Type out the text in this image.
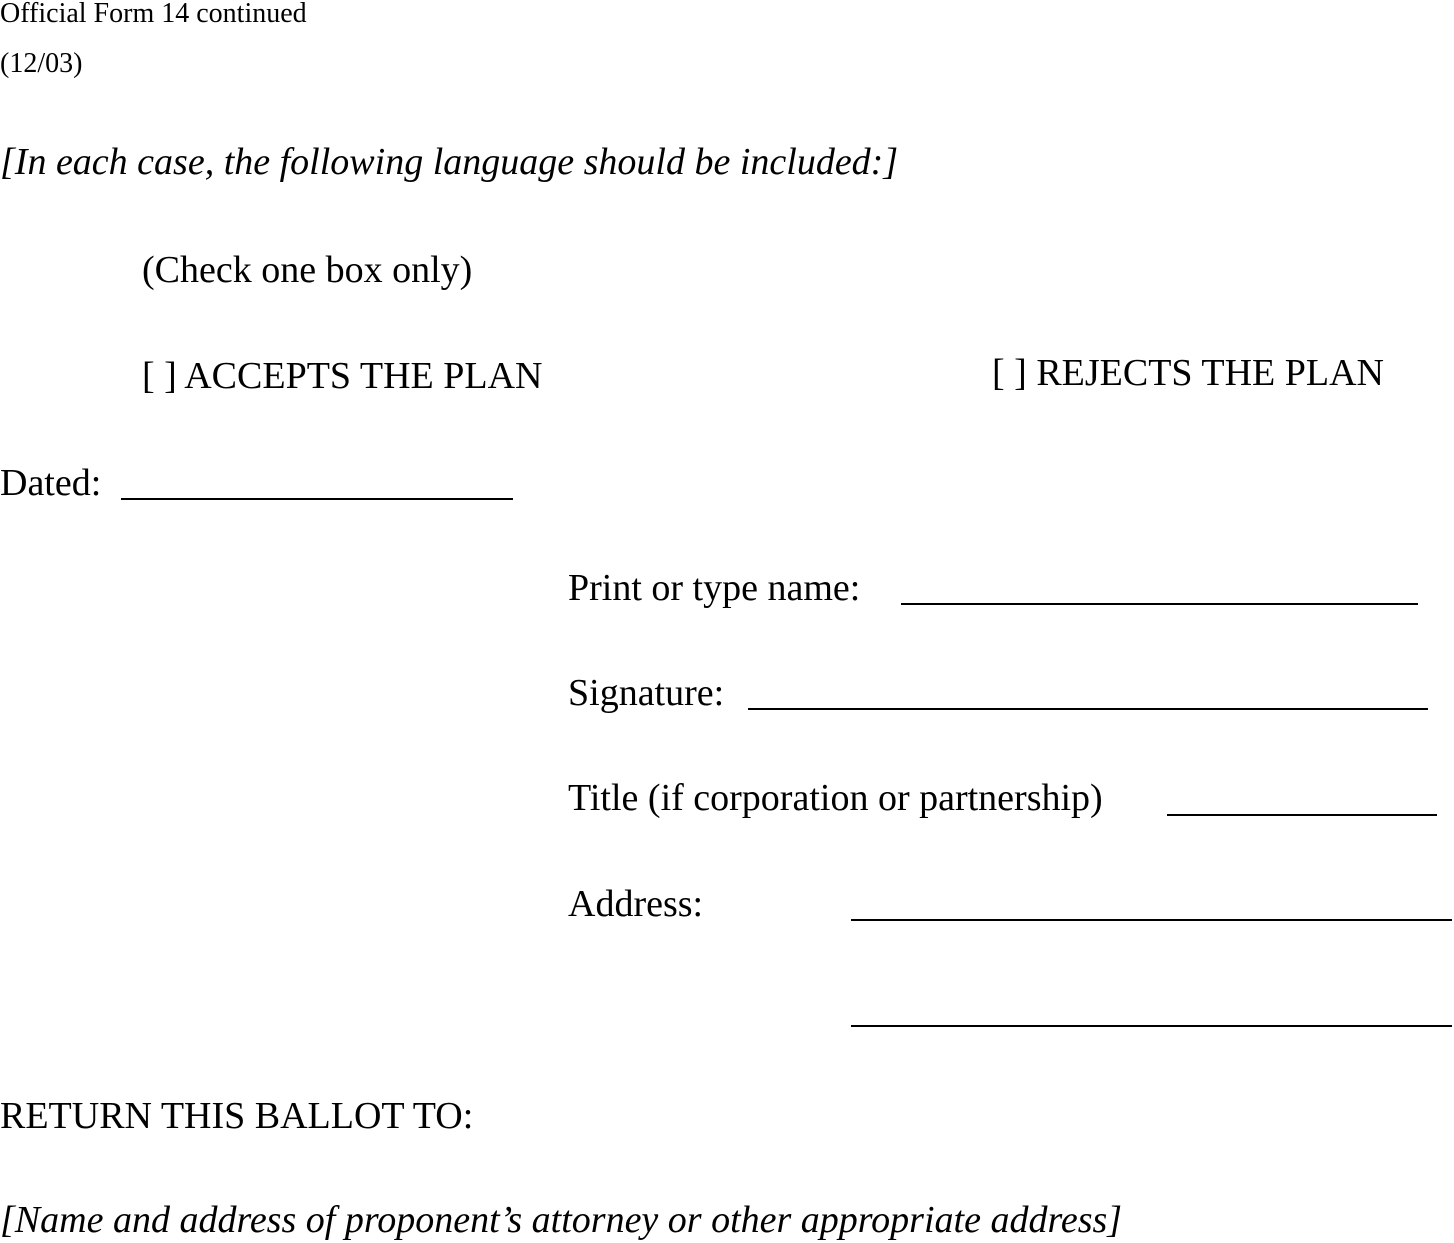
Official Form 14 continued
(12/03)
[In each case, the following language should be included:]
(Check one box only)
[ ] ACCEPTS THE PLAN	[ ] REJECTS THE PLAN
Dated:
Print or type name:
Signature:
Title (if corporation or partnership)
Address:
RETURN THIS BALLOT TO:
[Name and address of proponent’s attorney or other appropriate address]
